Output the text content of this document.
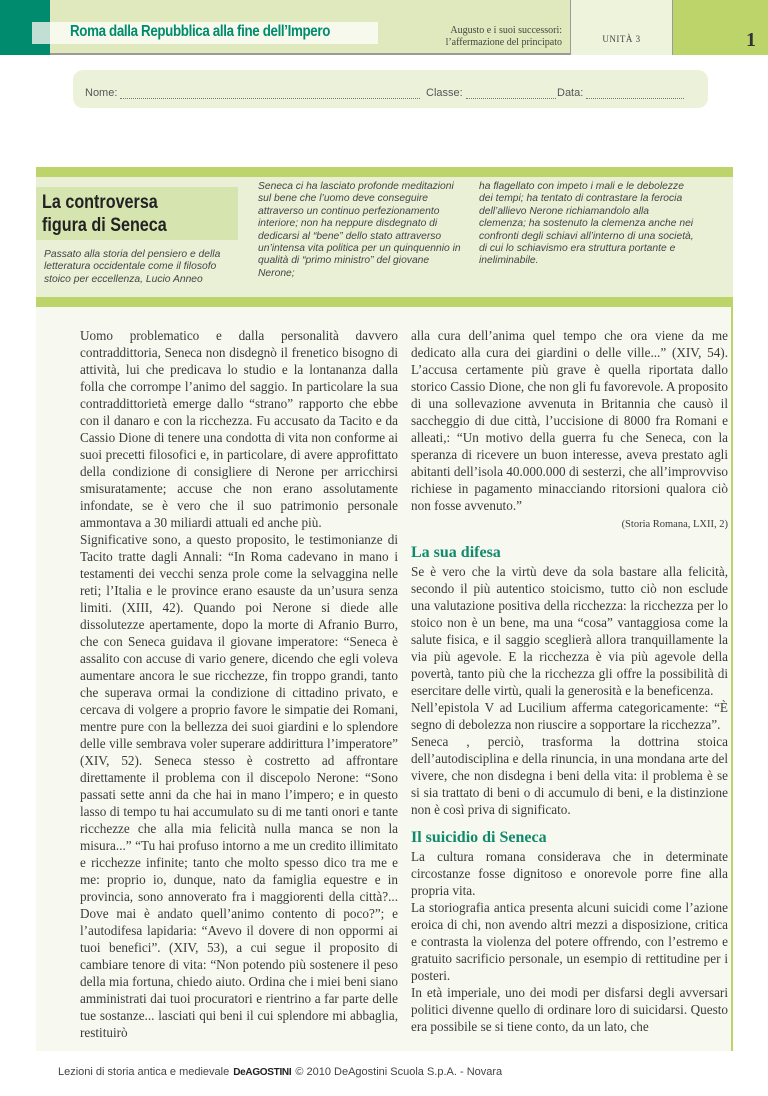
Roma dalla Repubblica alla fine dell’Impero	Augusto e i suoi successori:
l’affermazione del principato	UNITÀ 3	1
Nome:	Classe:	Data:
La controversa
figura di Seneca
Passato alla storia del pensiero e della letteratura occidentale come il filosofo stoico per eccellenza, Lucio Anneo
Seneca ci ha lasciato profonde meditazioni sul bene che l’uomo deve conseguire attraverso un continuo perfezionamento interiore; non ha neppure disdegnato di dedicarsi al “bene” dello stato attraverso un’intensa vita politica per un quinquennio in qualità di “primo ministro” del giovane Nerone;
ha flagellato con impeto i mali e le debolezze dei tempi; ha tentato di contrastare la ferocia dell’allievo Nerone richiamandolo alla clemenza; ha sostenuto la clemenza anche nei confronti degli schiavi all’interno di una società, di cui lo schiavismo era struttura portante e ineliminabile.

Uomo problematico e dalla personalità davvero contraddittoria, Seneca non disdegnò il frenetico bisogno di attività, lui che predicava lo studio e la lontananza dalla folla che corrompe l’animo del saggio. In particolare la sua contraddittorietà emerge dallo “strano” rapporto che ebbe con il danaro e con la ricchezza. Fu accusato da Tacito e da Cassio Dione di tenere una condotta di vita non conforme ai suoi precetti filosofici e, in particolare, di avere approfittato della condizione di consigliere di Nerone per arricchirsi smisuratamente; accuse che non erano assolutamente infondate, se è vero che il suo patrimonio personale ammontava a 30 miliardi attuali ed anche più.

Significative sono, a questo proposito, le testimonianze di Tacito tratte dagli Annali: “In Roma cadevano in mano i testamenti dei vecchi senza prole come la selvaggina nelle reti; l’Italia e le province erano esauste da un’usura senza limiti. (XIII, 42). Quando poi Nerone si diede alle dissolutezze apertamente, dopo la morte di Afranio Burro, che con Seneca guidava il giovane imperatore: “Seneca è assalito con accuse di vario genere, dicendo che egli voleva aumentare ancora le sue ricchezze, fin troppo grandi, tanto che superava ormai la condizione di cittadino privato, e cercava di volgere a proprio favore le simpatie dei Romani, mentre pure con la bellezza dei suoi giardini e lo splendore delle ville sembrava voler superare addirittura l’imperatore” (XIV, 52). Seneca stesso è costretto ad affrontare direttamente il problema con il discepolo Nerone: “Sono passati sette anni da che hai in mano l’impero; e in questo lasso di tempo tu hai accumulato su di me tanti onori e tante ricchezze che alla mia felicità nulla manca se non la misura...” “Tu hai profuso intorno a me un credito illimitato e ricchezze infinite; tanto che molto spesso dico tra me e me: proprio io, dunque, nato da famiglia equestre e in provincia, sono annoverato fra i maggiorenti della città?... Dove mai è andato quell’animo contento di poco?”; e l’autodifesa lapidaria: “Avevo il dovere di non oppormi ai tuoi benefici”. (XIV, 53), a cui segue il proposito di cambiare tenore di vita: “Non potendo più sostenere il peso della mia fortuna, chiedo aiuto. Ordina che i miei beni siano amministrati dai tuoi procuratori e rientrino a far parte delle tue sostanze... lasciati qui beni il cui splendore mi abbaglia, restituirò

alla cura dell’anima quel tempo che ora viene da me dedicato alla cura dei giardini o delle ville...” (XIV, 54). L’accusa certamente più grave è quella riportata dallo storico Cassio Dione, che non gli fu favorevole. A proposito di una sollevazione avvenuta in Britannia che causò il saccheggio di due città, l’uccisione di 8000 fra Romani e alleati,: “Un motivo della guerra fu che Seneca, con la speranza di ricevere un buon interesse, aveva prestato agli abitanti dell’isola 40.000.000 di sesterzi, che all’improvviso richiese in pagamento minacciando ritorsioni qualora ciò non fosse avvenuto.”

(Storia Romana, LXII, 2)
La sua difesa

Se è vero che la virtù deve da sola bastare alla felicità, secondo il più autentico stoicismo, tutto ciò non esclude una valutazione positiva della ricchezza: la ricchezza per lo stoico non è un bene, ma una “cosa” vantaggiosa come la salute fisica, e il saggio sceglierà allora tranquillamente la via più agevole. E la ricchezza è via più agevole della povertà, tanto più che la ricchezza gli offre la possibilità di esercitare delle virtù, quali la generosità e la beneficenza.

Nell’epistola V ad Lucilium afferma categoricamente: “È segno di debolezza non riuscire a sopportare la ricchezza”.

Seneca , perciò, trasforma la dottrina stoica dell’autodisciplina e della rinuncia, in una mondana arte del vivere, che non disdegna i beni della vita: il problema è se si sia trattato di beni o di accumulo di beni, e la distinzione non è così priva di significato.

Il suicidio di Seneca

La cultura romana considerava che in determinate circostanze fosse dignitoso e onorevole porre fine alla propria vita.

La storiografia antica presenta alcuni suicidi come l’azione eroica di chi, non avendo altri mezzi a disposizione, critica e contrasta la violenza del potere offrendo, con l’estremo e gratuito sacrificio personale, un esempio di rettitudine per i posteri.

In età imperiale, uno dei modi per disfarsi degli avversari politici divenne quello di ordinare loro di suicidarsi. Questo era possibile se si tiene conto, da un lato, che

Lezioni di storia antica e medievale DeAGOSTINI © 2010 DeAgostini Scuola S.p.A. - Novara
